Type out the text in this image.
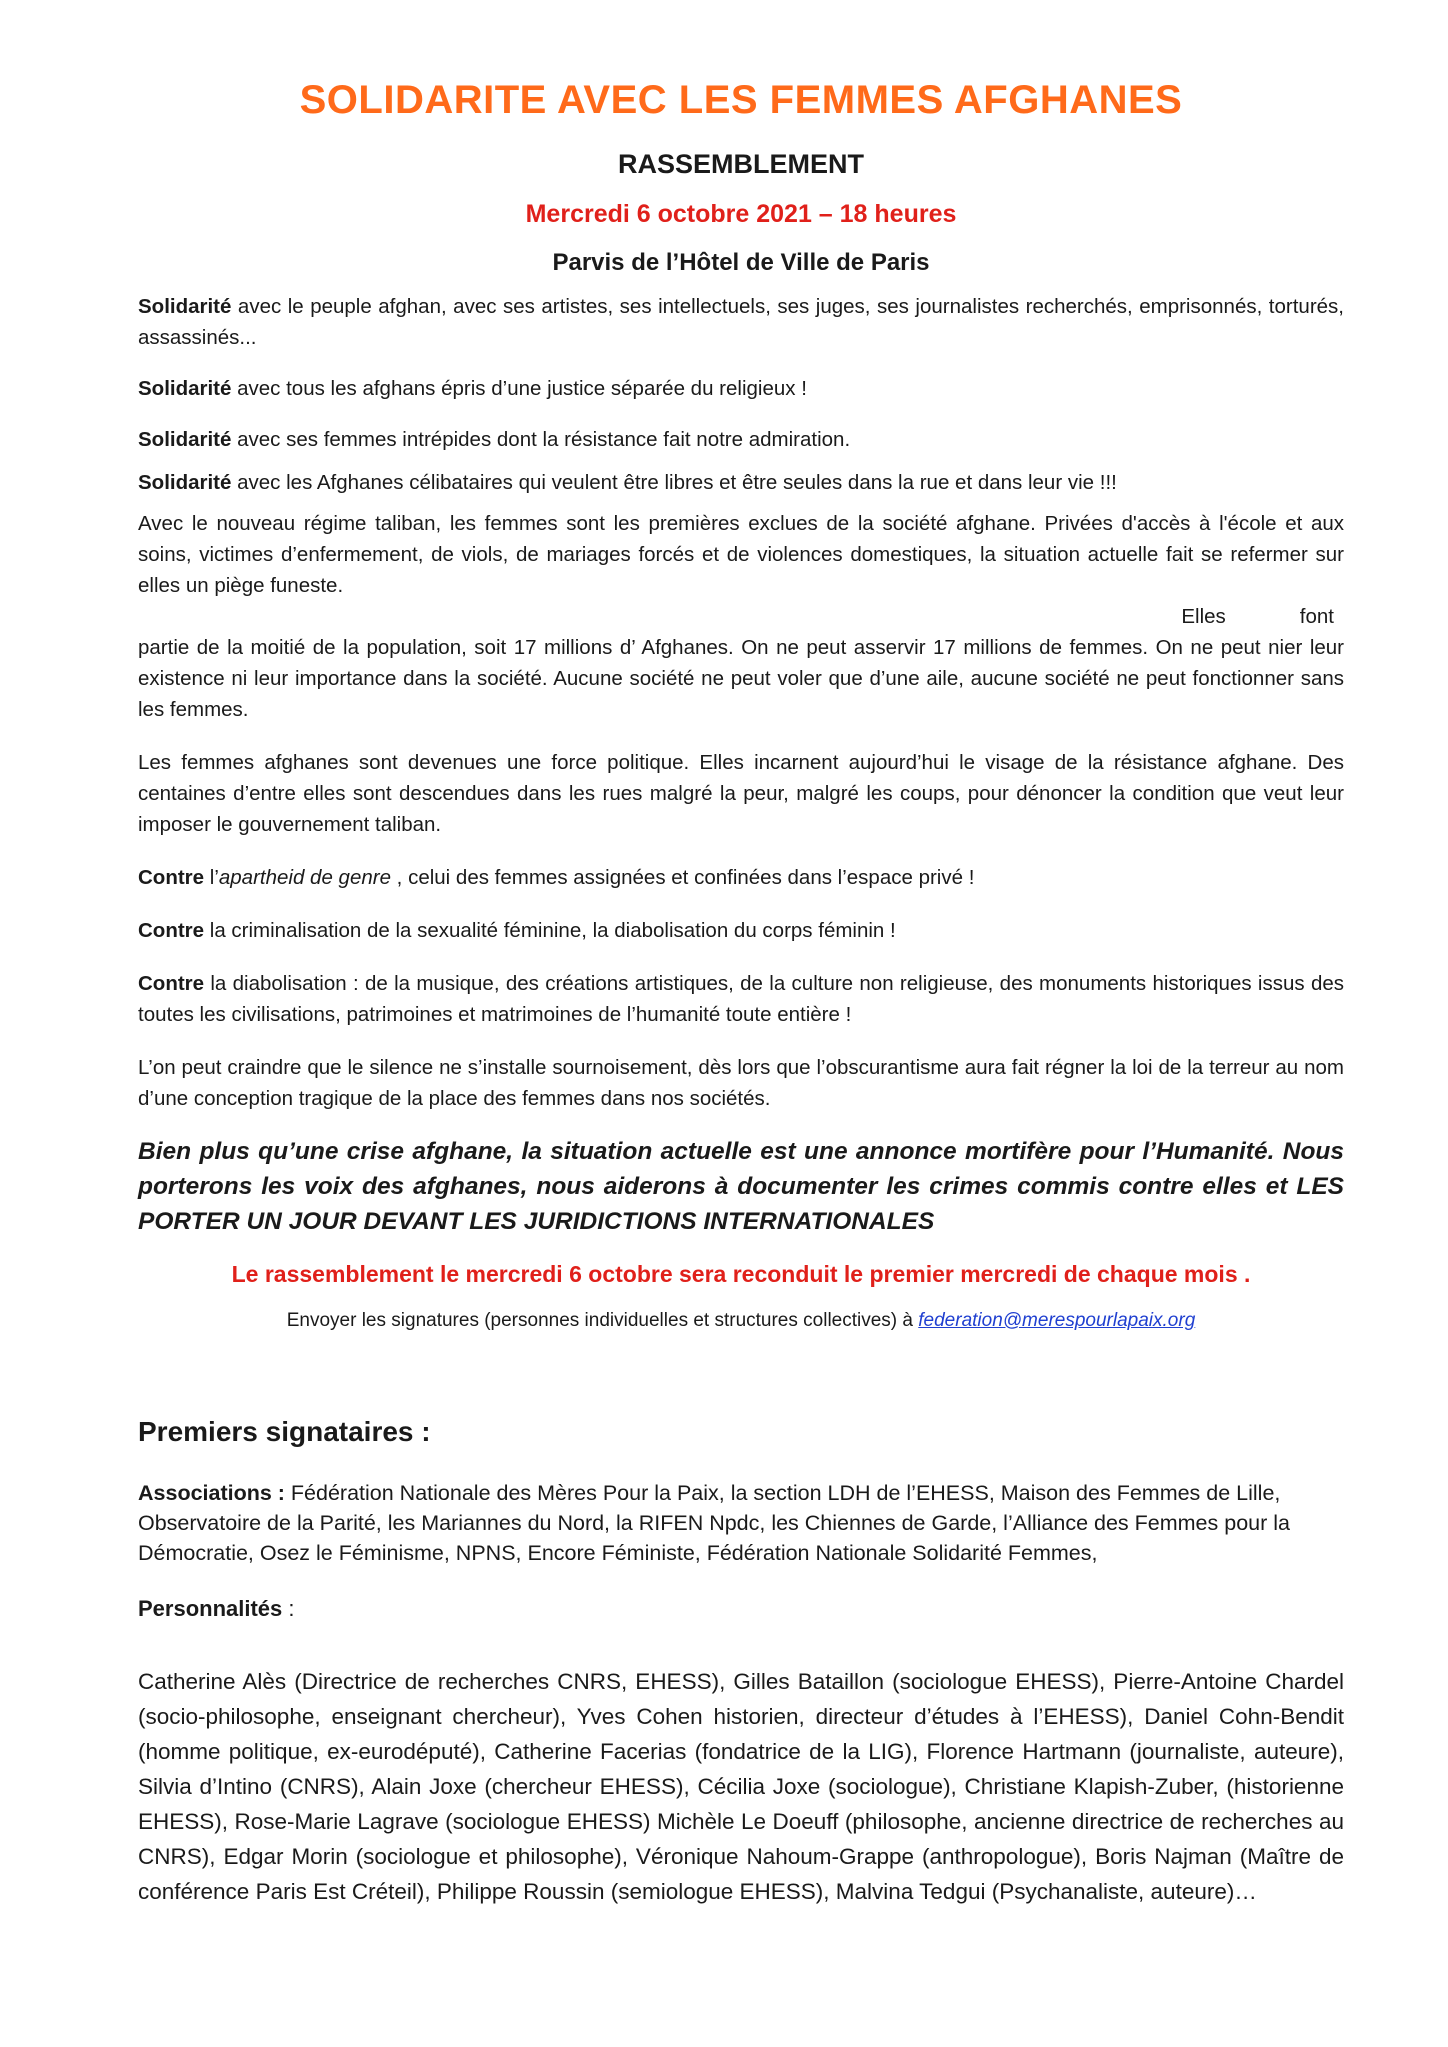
SOLIDARITE AVEC LES FEMMES AFGHANES
RASSEMBLEMENT
Mercredi 6 octobre 2021 – 18 heures
Parvis de l’Hôtel de Ville de Paris

Solidarité avec le peuple afghan, avec ses artistes, ses intellectuels, ses juges, ses journalistes recherchés, emprisonnés, torturés, assassinés...

Solidarité avec tous les afghans épris d’une justice séparée du religieux !

Solidarité avec ses femmes intrépides dont la résistance fait notre admiration.

Solidarité avec les Afghanes célibataires qui veulent être libres et être seules dans la rue et dans leur vie !!!

Avec le nouveau régime taliban, les femmes sont les premières exclues de la société afghane. Privées d'accès à l'école et aux soins, victimes d’enfermement, de viols, de mariages forcés et de violences domestiques, la situation actuelle fait se refermer sur elles un piège funeste.

Elles	font

partie de la moitié de la population, soit 17 millions d’ Afghanes. On ne peut asservir 17 millions de femmes. On ne peut nier leur existence ni leur importance dans la société. Aucune société ne peut voler que d’une aile, aucune société ne peut fonctionner sans les femmes.

Les femmes afghanes sont devenues une force politique. Elles incarnent aujourd’hui le visage de la résistance afghane. Des centaines d’entre elles sont descendues dans les rues malgré la peur, malgré les coups, pour dénoncer la condition que veut leur imposer le gouvernement taliban.

Contre l’apartheid de genre , celui des femmes assignées et confinées dans l’espace privé !

Contre la criminalisation de la sexualité féminine, la diabolisation du corps féminin !

Contre la diabolisation : de la musique, des créations artistiques, de la culture non religieuse, des monuments historiques issus des toutes les civilisations, patrimoines et matrimoines de l’humanité toute entière !

L’on peut craindre que le silence ne s’installe sournoisement, dès lors que l’obscurantisme aura fait régner la loi de la terreur au nom d’une conception tragique de la place des femmes dans nos sociétés.

Bien plus qu’une crise afghane, la situation actuelle est une annonce mortifère pour l’Humanité. Nous porterons les voix des afghanes, nous aiderons à documenter les crimes commis contre elles et LES PORTER UN JOUR DEVANT LES JURIDICTIONS INTERNATIONALES

Le rassemblement le mercredi 6 octobre sera reconduit le premier mercredi de chaque mois .
Envoyer les signatures (personnes individuelles et structures collectives) à federation@merespourlapaix.org
Premiers signataires :

Associations : Fédération Nationale des Mères Pour la Paix, la section LDH de l’EHESS, Maison des Femmes de Lille, Observatoire de la Parité, les Mariannes du Nord, la RIFEN Npdc, les Chiennes de Garde, l’Alliance des Femmes pour la Démocratie, Osez le Féminisme, NPNS, Encore Féministe, Fédération Nationale Solidarité Femmes,

Personnalités :

Catherine Alès (Directrice de recherches CNRS, EHESS), Gilles Bataillon (sociologue EHESS), Pierre-Antoine Chardel (socio-philosophe, enseignant chercheur), Yves Cohen historien, directeur d’études à l’EHESS), Daniel Cohn-Bendit (homme politique, ex-eurodéputé), Catherine Facerias (fondatrice de la LIG), Florence Hartmann (journaliste, auteure), Silvia d’Intino (CNRS), Alain Joxe (chercheur EHESS), Cécilia Joxe (sociologue), Christiane Klapish-Zuber, (historienne EHESS), Rose-Marie Lagrave (sociologue EHESS) Michèle Le Doeuff (philosophe, ancienne directrice de recherches au CNRS), Edgar Morin (sociologue et philosophe), Véronique Nahoum-Grappe (anthropologue), Boris Najman (Maître de conférence Paris Est Créteil), Philippe Roussin (semiologue EHESS), Malvina Tedgui (Psychanaliste, auteure)…
